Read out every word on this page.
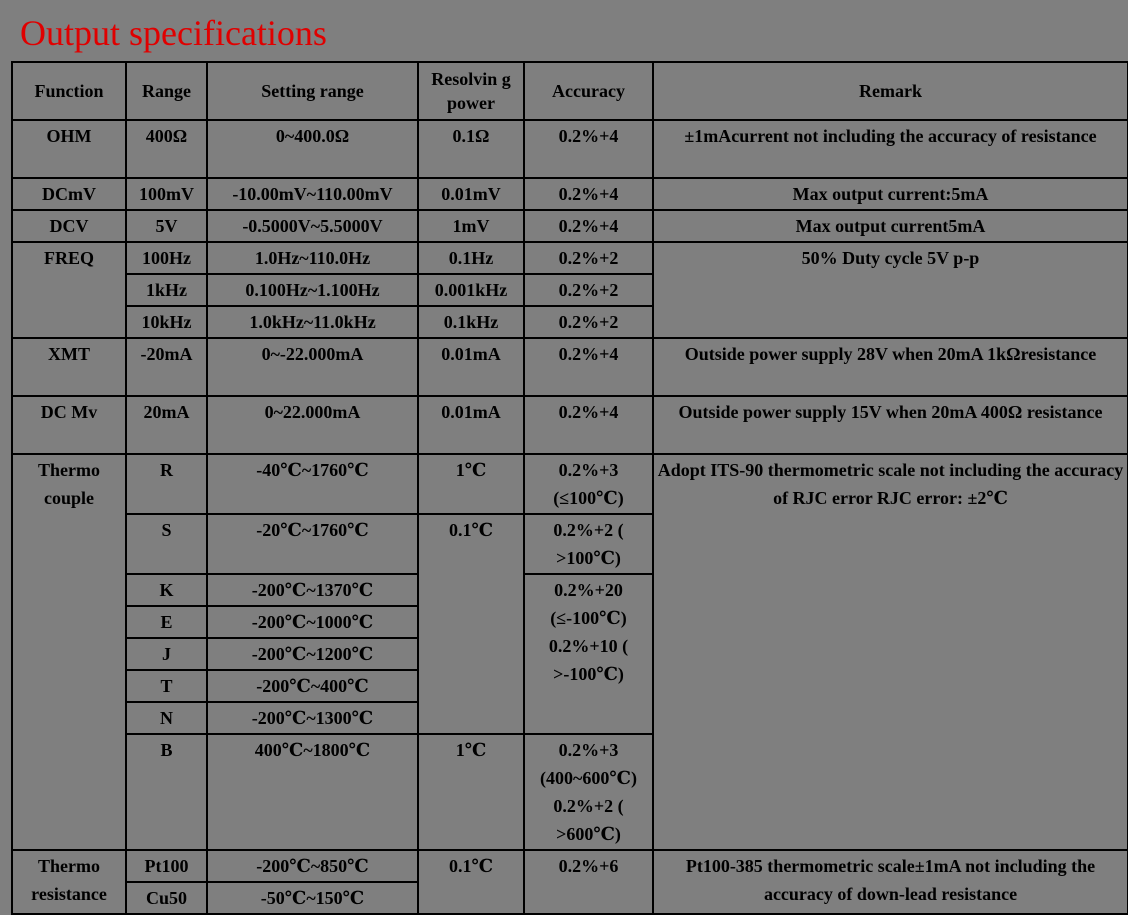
Output specifications
Function	Range	Setting range	Resolvin g power	Accuracy	Remark
OHM	400Ω	0~400.0Ω	0.1Ω	0.2%+4	±1mAcurrent not including the accuracy of resistance
DCmV	100mV	-10.00mV~110.00mV	0.01mV	0.2%+4	Max output current:5mA
DCV	5V	-0.5000V~5.5000V	1mV	0.2%+4	Max output current5mA
FREQ	100Hz	1.0Hz~110.0Hz	0.1Hz	0.2%+2	50% Duty cycle 5V p-p
	1kHz	0.100Hz~1.100Hz	0.001kHz	0.2%+2	
	10kHz	1.0kHz~11.0kHz	0.1kHz	0.2%+2	
XMT	-20mA	0~-22.000mA	0.01mA	0.2%+4	Outside power supply 28V when 20mA 1kΩresistance
DC Mv	20mA	0~22.000mA	0.01mA	0.2%+4	Outside power supply 15V when 20mA 400Ω resistance
Thermo couple	R	-40℃~1760℃	1℃	0.2%+3 (≤100℃)	Adopt ITS-90 thermometric scale not including the accuracy of RJC error RJC error: ±2℃
	S	-20℃~1760℃	0.1℃	0.2%+2 ( >100℃)	
	K	-200℃~1370℃		0.2%+20 (≤-100℃) 0.2%+10 ( >-100℃)	
	E	-200℃~1000℃			
	J	-200℃~1200℃			
	T	-200℃~400℃			
	N	-200℃~1300℃			
	B	400℃~1800℃	1℃	0.2%+3 (400~600℃) 0.2%+2 ( >600℃)	

Thermo resistance	Pt100	-200℃~850℃	0.1℃	0.2%+6	Pt100-385 thermometric scale±1mA not including the accuracy of down-lead resistance
	Cu50	-50℃~150℃			
